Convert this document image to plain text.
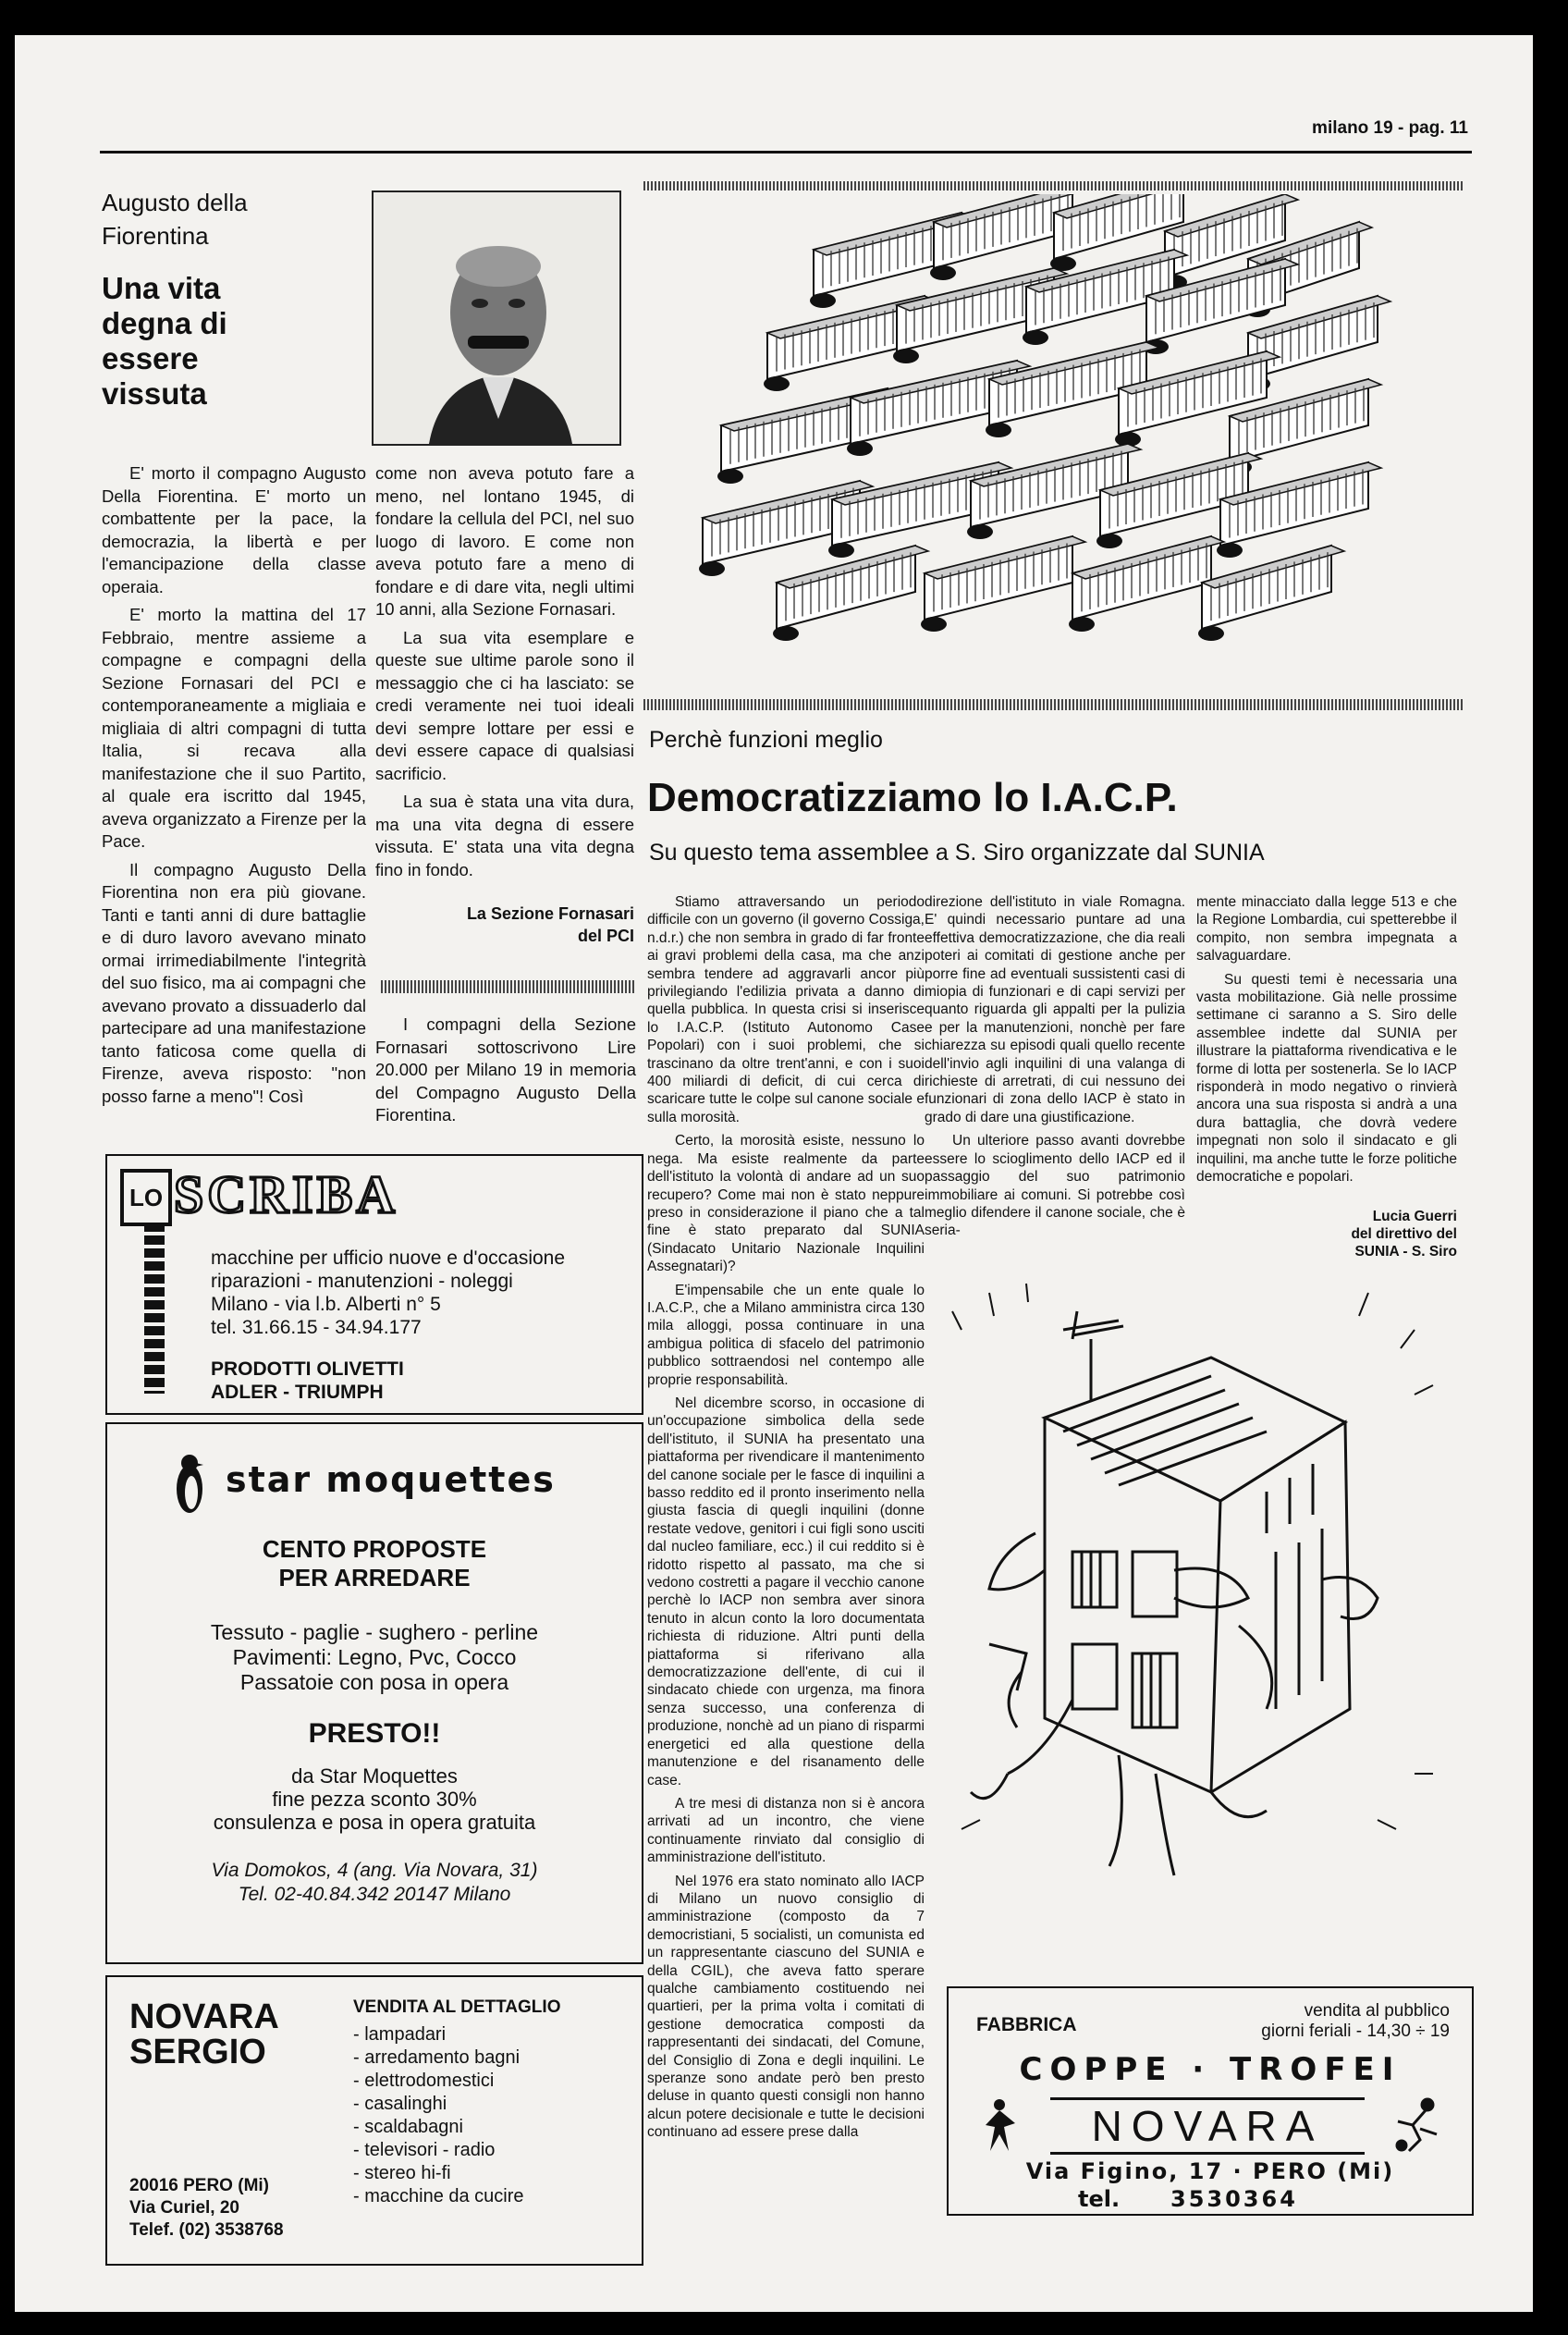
milano 19 - pag. 11
Augusto della Fiorentina
Una vita degna di essere vissuta

E' morto il compagno Augusto Della Fiorentina. E' morto un combattente per la pace, la democrazia, la libertà e per l'emancipazione della classe operaia.

E' morto la mattina del 17 Febbraio, mentre assieme a compagne e compagni della Sezione Fornasari del PCI e contemporaneamente a migliaia e migliaia di altri compagni di tutta Italia, si recava alla manifestazione che il suo Partito, al quale era iscritto dal 1945, aveva organizzato a Firenze per la Pace.

Il compagno Augusto Della Fiorentina non era più giovane. Tanti e tanti anni di dure battaglie e di duro lavoro avevano minato ormai irrimediabilmente l'integrità del suo fisico, ma ai compagni che avevano provato a dissuaderlo dal partecipare ad una manifestazione tanto faticosa come quella di Firenze, aveva risposto: "non posso farne a meno"! Così

come non aveva potuto fare a meno, nel lontano 1945, di fondare la cellula del PCI, nel suo luogo di lavoro. E come non aveva potuto fare a meno di fondare e di dare vita, negli ultimi 10 anni, alla Sezione Fornasari.

La sua vita esemplare e queste sue ultime parole sono il messaggio che ci ha lasciato: se credi veramente nei tuoi ideali devi sempre lottare per essi e devi essere capace di qualsiasi sacrificio.

La sua è stata una vita dura, ma una vita degna di essere vissuta. E' stata una vita degna fino in fondo.

La Sezione Fornasari
del PCI

I compagni della Sezione Fornasari sottoscrivono Lire 20.000 per Milano 19 in memoria del Compagno Augusto Della Fiorentina.

LO SCRIBA
macchine per ufficio nuove e d'occasione
riparazioni - manutenzioni - noleggi
Milano - via l.b. Alberti n° 5
tel. 31.66.15 - 34.94.177
PRODOTTI OLIVETTI
ADLER - TRIUMPH
star moquettes
CENTO PROPOSTE
PER ARREDARE
Tessuto - paglie - sughero - perline
Pavimenti: Legno, Pvc, Cocco
Passatoie con posa in opera
PRESTO!!
da Star Moquettes
fine pezza sconto 30%
consulenza e posa in opera gratuita
Via Domokos, 4 (ang. Via Novara, 31)
Tel. 02-40.84.342 20147 Milano
NOVARA
SERGIO
20016 PERO (Mi)
Via Curiel, 20
Telef. (02) 3538768
VENDITA AL DETTAGLIO
- lampadari
- arredamento bagni
- elettrodomestici
- casalinghi
- scaldabagni
- televisori - radio
- stereo hi-fi
- macchine da cucire
Perchè funzioni meglio
Democratizziamo lo I.A.C.P.
Su questo tema assemblee a S. Siro organizzate dal SUNIA

Stiamo attraversando un periodo difficile con un governo (il governo Cossiga, n.d.r.) che non sembra in grado di far fronte ai gravi problemi della casa, ma che anzi sembra tendere ad aggravarli ancor più privilegiando l'edilizia privata a danno di quella pubblica. In questa crisi si inserisce lo I.A.C.P. (Istituto Autonomo Case Popolari) con i suoi problemi, che si trascinano da oltre trent'anni, e con i suoi 400 miliardi di deficit, di cui cerca di scaricare tutte le colpe sul canone sociale e sulla morosità.

Certo, la morosità esiste, nessuno lo nega. Ma esiste realmente da parte dell'istituto la volontà di andare ad un suo recupero? Come mai non è stato neppure preso in considerazione il piano che a tal fine è stato preparato dal SUNIA (Sindacato Unitario Nazionale Inquilini Assegnatari)?

E'impensabile che un ente quale lo I.A.C.P., che a Milano amministra circa 130 mila alloggi, possa continuare in una ambigua politica di sfacelo del patrimonio pubblico sottraendosi nel contempo alle proprie responsabilità.

Nel dicembre scorso, in occasione di un'occupazione simbolica della sede dell'istituto, il SUNIA ha presentato una piattaforma per rivendicare il mantenimento del canone sociale per le fasce di inquilini a basso reddito ed il pronto inserimento nella giusta fascia di quegli inquilini (donne restate vedove, genitori i cui figli sono usciti dal nucleo familiare, ecc.) il cui reddito si è ridotto rispetto al passato, ma che si vedono costretti a pagare il vecchio canone perchè lo IACP non sembra aver sinora tenuto in alcun conto la loro documentata richiesta di riduzione. Altri punti della piattaforma si riferivano alla democratizzazione dell'ente, di cui il sindacato chiede con urgenza, ma finora senza successo, una conferenza di produzione, nonchè ad un piano di risparmi energetici ed alla questione della manutenzione e del risanamento delle case.

A tre mesi di distanza non si è ancora arrivati ad un incontro, che viene continuamente rinviato dal consiglio di amministrazione dell'istituto.

Nel 1976 era stato nominato allo IACP di Milano un nuovo consiglio di amministrazione (composto da 7 democristiani, 5 socialisti, un comunista ed un rappresentante ciascuno del SUNIA e della CGIL), che aveva fatto sperare qualche cambiamento costituendo nei quartieri, per la prima volta i comitati di gestione democratica composti da rappresentanti dei sindacati, del Comune, del Consiglio di Zona e degli inquilini. Le speranze sono andate però ben presto deluse in quanto questi consigli non hanno alcun potere decisionale e tutte le decisioni continuano ad essere prese dalla

direzione dell'istituto in viale Romagna. E' quindi necessario puntare ad una effettiva democratizzazione, che dia reali poteri ai comitati di gestione anche per porre fine ad eventuali sussistenti casi di miopia di funzionari e di capi servizi per quanto riguarda gli appalti per la pulizia e per la manutenzioni, nonchè per fare chiarezza su episodi quali quello recente dell'invio agli inquilini di una valanga di richieste di arretrati, di cui nessuno dei funzionari di zona dello IACP è stato in grado di dare una giustificazione.

Un ulteriore passo avanti dovrebbe essere lo scioglimento dello IACP ed il passaggio del suo patrimonio immobiliare ai comuni. Si potrebbe così meglio difendere il canone sociale, che è seria-

mente minacciato dalla legge 513 e che la Regione Lombardia, cui spetterebbe il compito, non sembra impegnata a salvaguardare.

Su questi temi è necessaria una vasta mobilitazione. Già nelle prossime settimane ci saranno a S. Siro delle assemblee indette dal SUNIA per illustrare la piattaforma rivendicativa e le forme di lotta per sostenerla. Se lo IACP risponderà in modo negativo o rinvierà ancora una sua risposta si andrà a una dura battaglia, che dovrà vedere impegnati non solo il sindacato e gli inquilini, ma anche tutte le forze politiche democratiche e popolari.

Lucia Guerri
del direttivo del
SUNIA - S. Siro
FABBRICA
vendita al pubblico
giorni feriali - 14,30 ÷ 19
COPPE · TROFEI
NOVARA
Via Figino, 17 · PERO (Mi)
tel. 3530364
